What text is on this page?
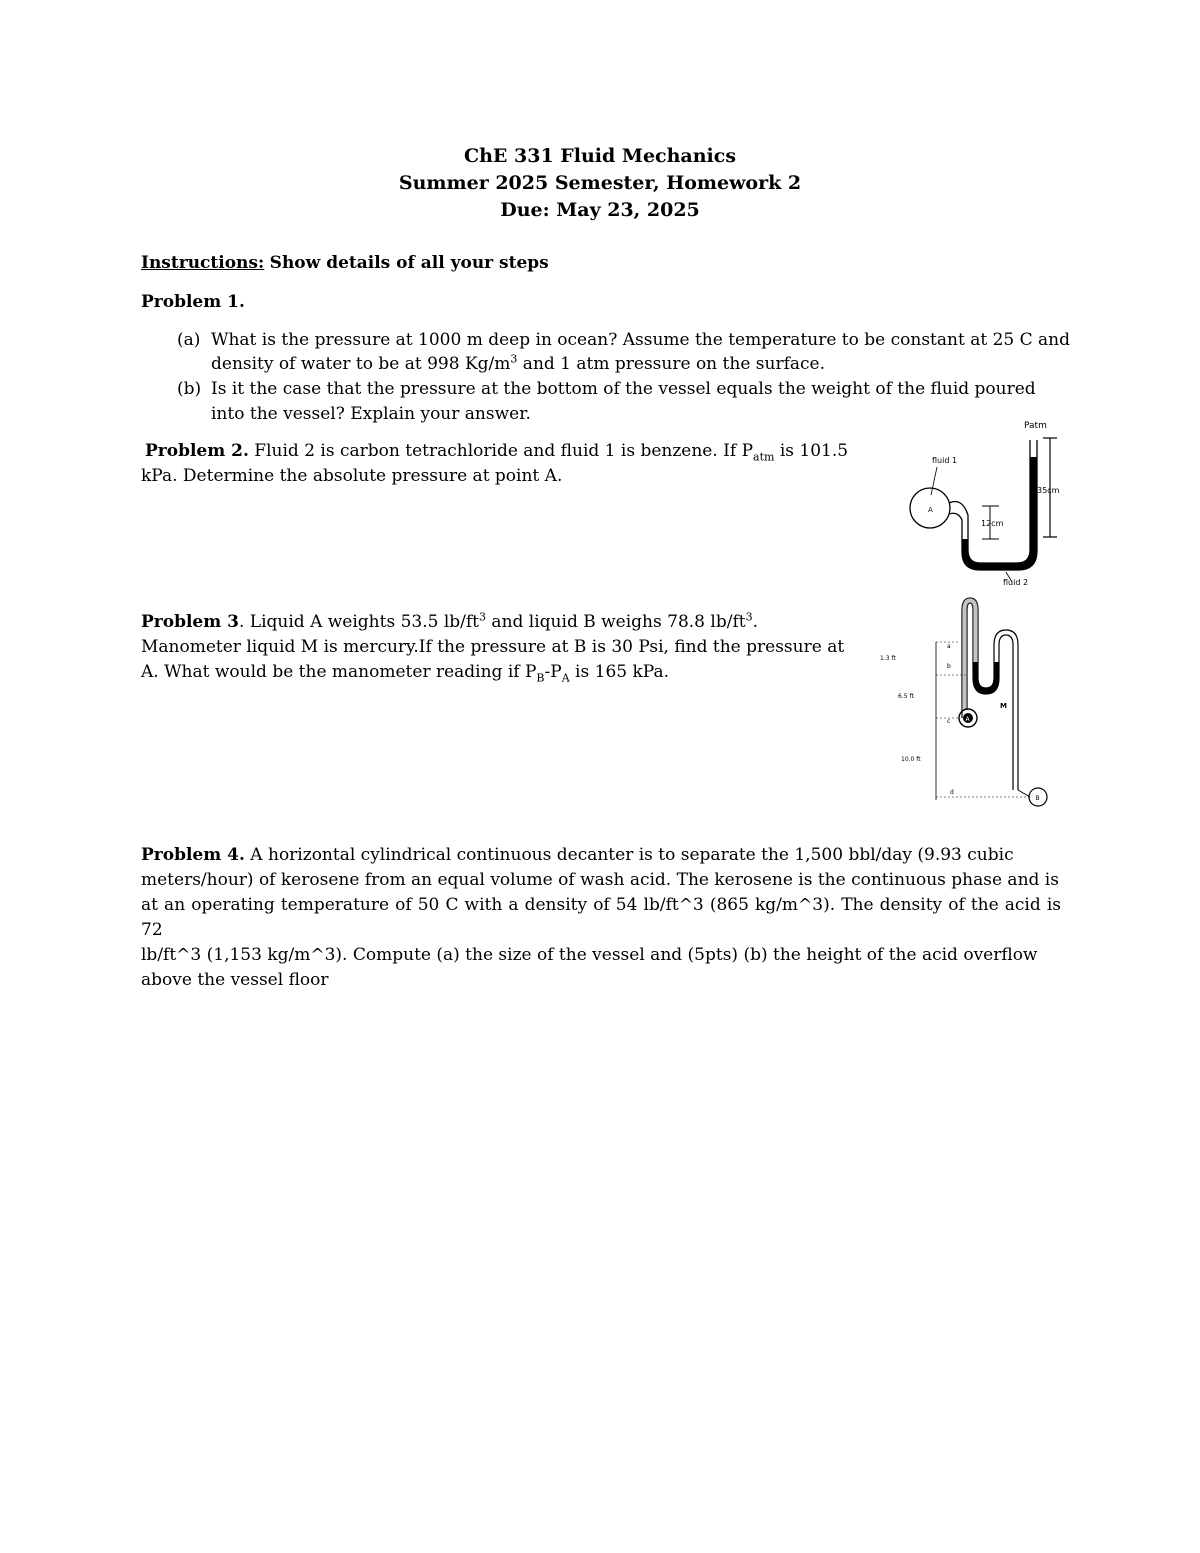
ChE 331 Fluid Mechanics
Summer 2025 Semester, Homework 2
Due: May 23, 2025
Instructions: Show details of all your steps
Problem 1.
(a) What is the pressure at 1000 m deep in ocean? Assume the temperature to be constant at 25 C and
density of water to be at 998 $Kg/m^3$ and 1 atm pressure on the surface.
(b) Is it the case that the pressure at the bottom of the vessel equals the weight of the fluid poured
into the vessel? Explain your answer.
Problem 2. Fluid 2 is carbon tetrachloride and fluid 1 is benzene. If $P_{atm}$ is 101.5
kPa. Determine the absolute pressure at point A.
Patm
35cm
fluid 1
A
12cm
fluid 2
Problem 3. Liquid A weights 53.5 $lb/ft^3$ and liquid B weighs 78.8 $lb/ft^3$.
Manometer liquid M is mercury.If the pressure at B is 30 Psi, find the pressure at
A. What would be the manometer reading if $P_B-P_A$ is 165 kPa.
1.3 ft
6.5 ft
10.0 ft
a
b
c
d
M
A
B
Problem 4. A horizontal cylindrical continuous decanter is to separate the 1,500 bbl/day (9.93 cubic
meters/hour) of kerosene from an equal volume of wash acid. The kerosene is the continuous phase and is
at an operating temperature of 50 C with a density of 54 lb/ft^3 (865 kg/m^3). The density of the acid is 72
lb/ft^3 (1,153 kg/m^3). Compute (a) the size of the vessel and (5pts) (b) the height of the acid overflow
above the vessel floor
